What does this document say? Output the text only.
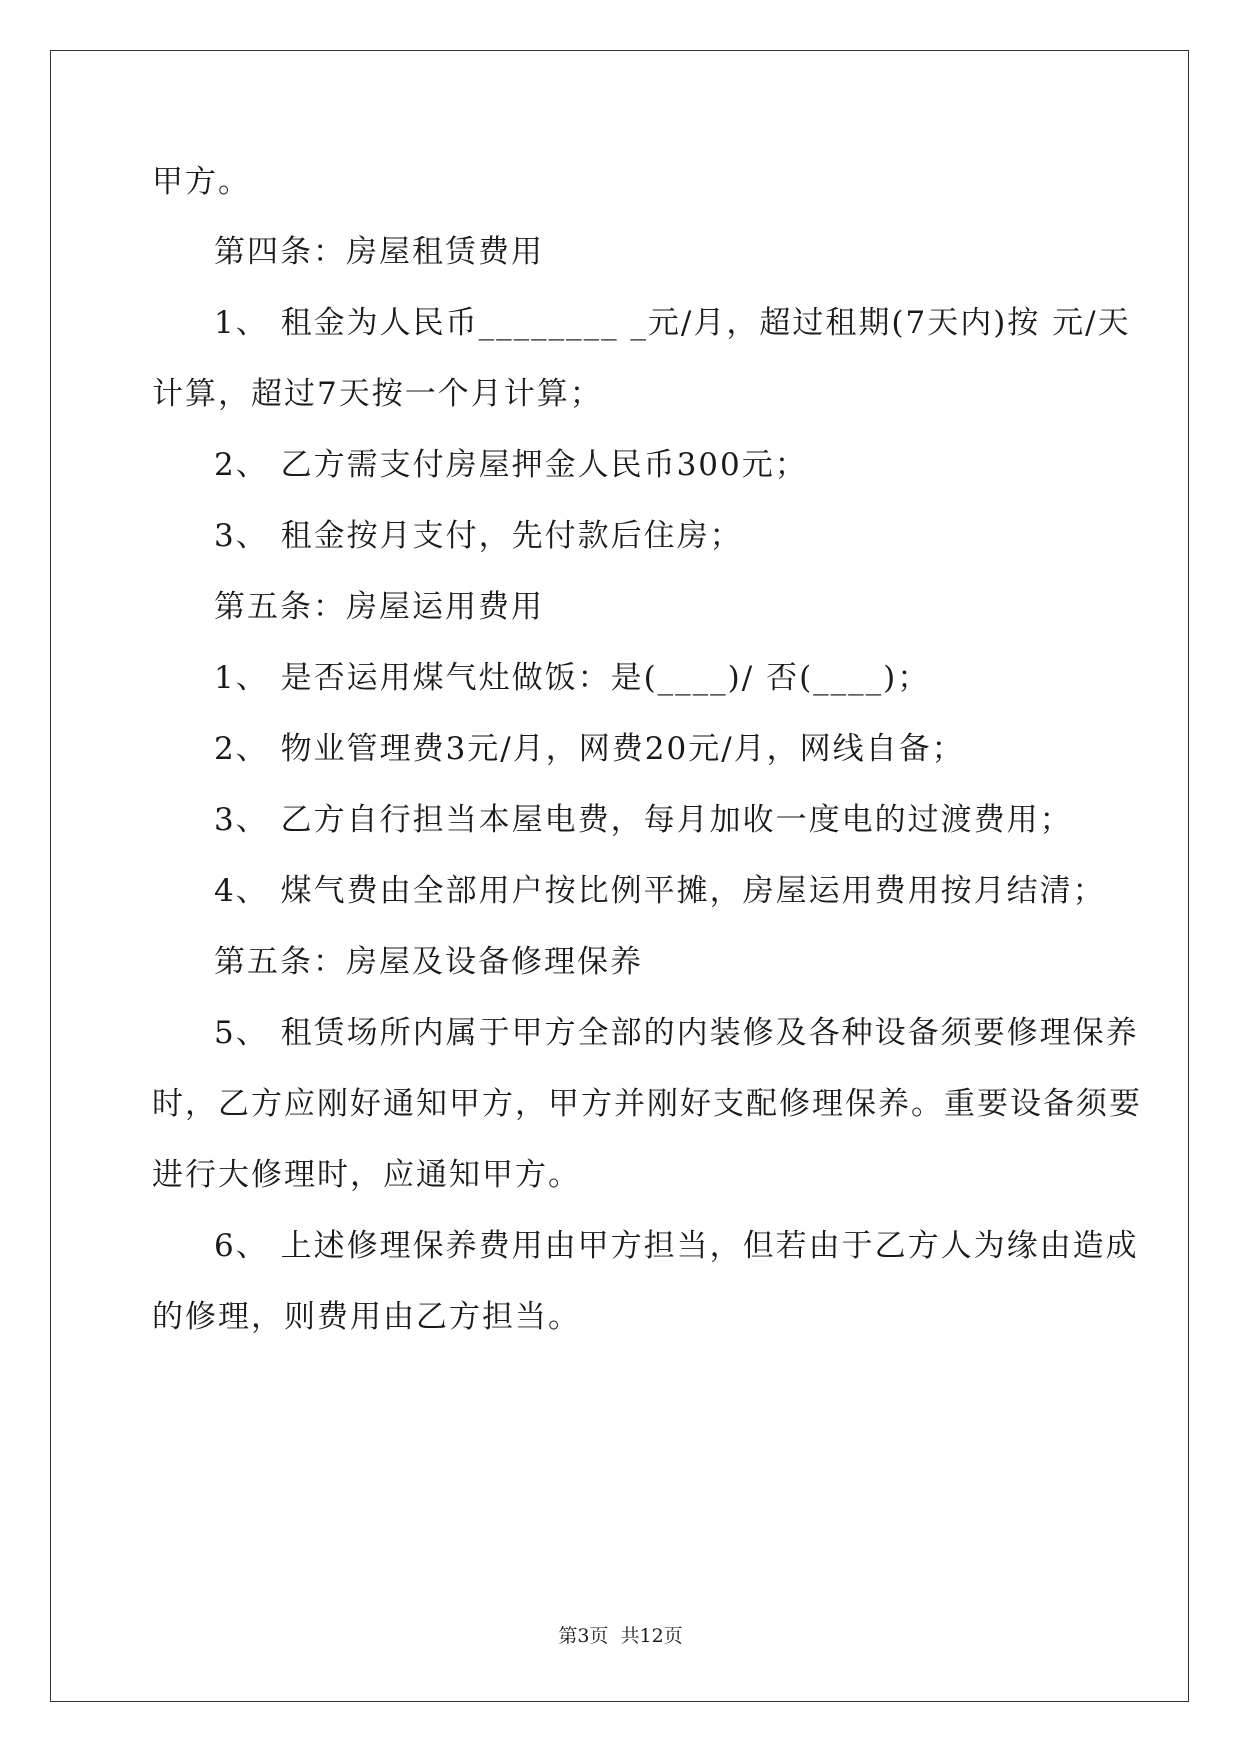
甲方。
第四条：房屋租赁费用
1、 租金为人民币________ _元/月，超过租期(7天内)按 元/天
计算，超过7天按一个月计算；
2、 乙方需支付房屋押金人民币300元；
3、 租金按月支付，先付款后住房；
第五条：房屋运用费用
1、 是否运用煤气灶做饭：是(____)/ 否(____)；
2、 物业管理费3元/月，网费20元/月，网线自备；
3、 乙方自行担当本屋电费，每月加收一度电的过渡费用；
4、 煤气费由全部用户按比例平摊，房屋运用费用按月结清；
第五条：房屋及设备修理保养
5、 租赁场所内属于甲方全部的内装修及各种设备须要修理保养
时，乙方应刚好通知甲方，甲方并刚好支配修理保养。重要设备须要
进行大修理时，应通知甲方。
6、 上述修理保养费用由甲方担当，但若由于乙方人为缘由造成
的修理，则费用由乙方担当。
第3页  共12页
